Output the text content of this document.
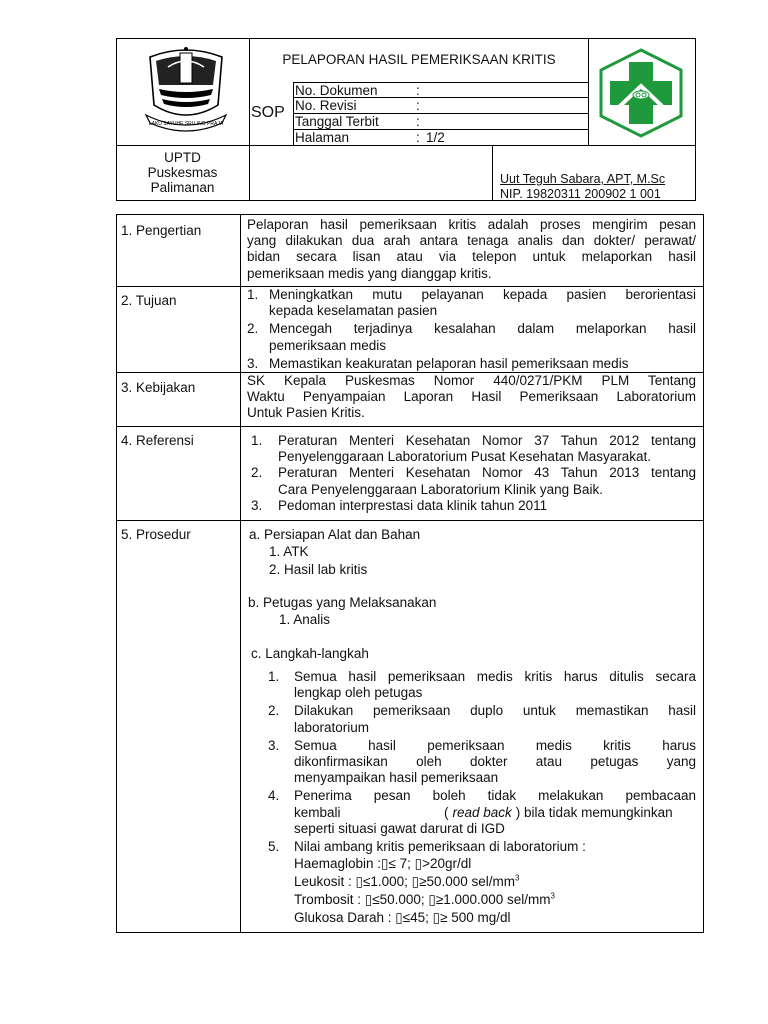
LAKU SAYUHE SRU ING PRAJA
PELAPORAN HASIL PEMERIKSAAN KRITIS
SOP
No. Dokumen	:
No. Revisi	:
Tanggal Terbit	:
Halaman	: 1/2
UPTD
Puskesmas
Palimanan
Uut Teguh Sabara, APT, M.Sc
NIP. 19820311 200902 1 001
1. Pengertian	Pelaporan hasil pemeriksaan kritis adalah proses mengirim pesan
yang dilakukan dua arah antara tenaga analis dan dokter/ perawat/
bidan secara lisan atau via telepon untuk melaporkan hasil
pemeriksaan medis yang dianggap kritis.
2. Tujuan	1. Meningkatkan mutu pelayanan kepada pasien berorientasi
kepada keselamatan pasien
2. Mencegah terjadinya kesalahan dalam melaporkan hasil
pemeriksaan medis
3. Memastikan keakuratan pelaporan hasil pemeriksaan medis
3. Kebijakan	SK Kepala Puskesmas Nomor 440/0271/PKM PLM Tentang
Waktu Penyampaian Laporan Hasil Pemeriksaan Laboratorium
Untuk Pasien Kritis.
4. Referensi	1.	Peraturan Menteri Kesehatan Nomor 37 Tahun 2012 tentang
Penyelenggaraan Laboratorium Pusat Kesehatan Masyarakat.
2.	Peraturan Menteri Kesehatan Nomor 43 Tahun 2013 tentang
Cara Penyelenggaraan Laboratorium Klinik yang Baik.
3.	Pedoman interprestasi data klinik tahun 2011
5. Prosedur	a. Persiapan Alat dan Bahan
1. ATK
2. Hasil lab kritis
b. Petugas yang Melaksanakan
1. Analis
c. Langkah-langkah
1.	Semua hasil pemeriksaan medis kritis harus ditulis secara
lengkap oleh petugas
2.	Dilakukan pemeriksaan duplo untuk memastikan hasil
laboratorium
3.	Semua hasil pemeriksaan medis kritis harus
dikonfirmasikan oleh dokter atau petugas yang
menyampaikan hasil pemeriksaan
4.	Penerima pesan boleh tidak melakukan pembacaan
kembali	( read back ) bila tidak memungkinkan
seperti situasi gawat darurat di IGD
5.	Nilai ambang kritis pemeriksaan di laboratorium :
Haemaglobin :▯≤ 7; ▯>20gr/dl
Leukosit : ▯≤1.000; ▯≥50.000 sel/$mm^3$
Trombosit : ▯≤50.000; ▯≥1.000.000 sel/$mm^3$
Glukosa Darah : ▯≤45; ▯≥ 500 mg/dl
